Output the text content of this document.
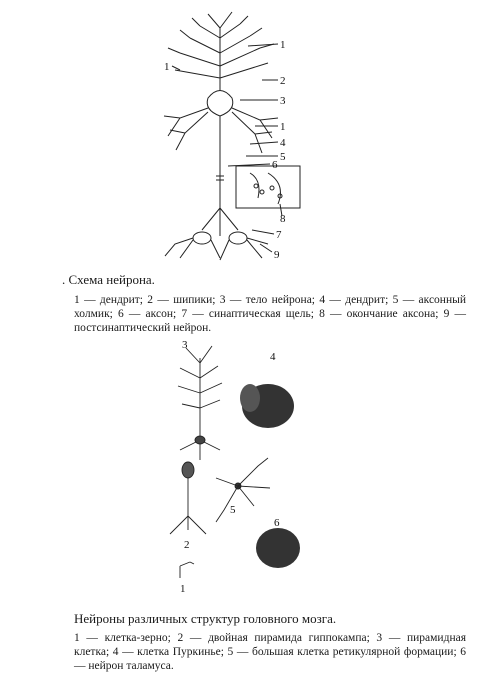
1
1
2
3
1
4
5
6
8
7
9
. Схема нейрона.
1 — дендрит; 2 — шипики; 3 — тело нейрона; 4 — дендрит; 5 — аксонный холмик; 6 — аксон; 7 — синаптическая щель; 8 — окончание аксона; 9 — постсинаптический нейрон.
3
4
5
2
6
1
Нейроны различных структур головного мозга.
1 — клетка-зерно; 2 — двойная пирамида гиппокампа; 3 — пирамидная клетка; 4 — клетка Пуркинье; 5 — большая клетка ретикулярной формации; 6 — нейрон таламуса.
